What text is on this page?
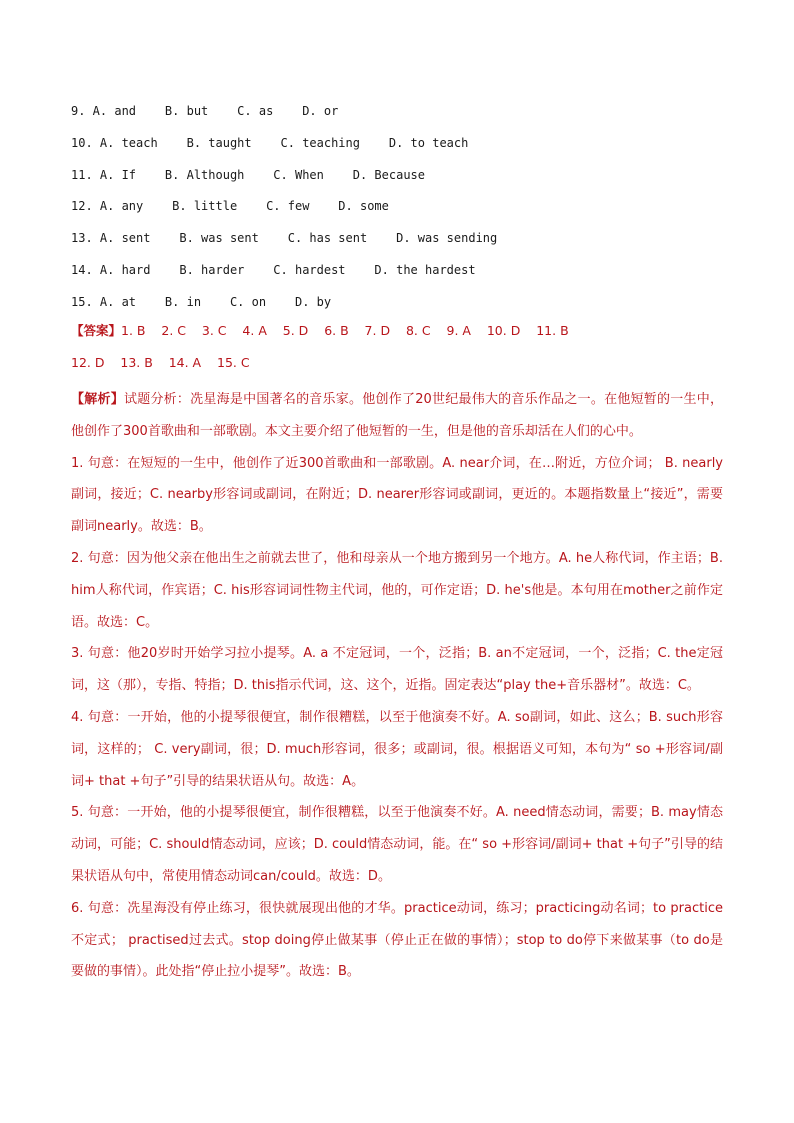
9. A. and    B. but    C. as    D. or
10. A. teach    B. taught    C. teaching    D. to teach
11. A. If    B. Although    C. When    D. Because
12. A. any    B. little    C. few    D. some
13. A. sent    B. was sent    C. has sent    D. was sending
14. A. hard    B. harder    C. hardest    D. the hardest
15. A. at    B. in    C. on    D. by
【答案】1. B    2. C    3. C    4. A    5. D    6. B    7. D    8. C    9. A    10. D    11. B
12. D    13. B    14. A    15. C

【解析】试题分析：冼星海是中国著名的音乐家。他创作了20世纪最伟大的音乐作品之一。在他短暂的一生中，他创作了300首歌曲和一部歌剧。本文主要介绍了他短暂的一生，但是他的音乐却活在人们的心中。

1. 句意：在短短的一生中，他创作了近300首歌曲和一部歌剧。A. near介词，在…附近，方位介词； B. nearly副词，接近；C. nearby形容词或副词，在附近；D. nearer形容词或副词，更近的。本题指数量上“接近”，需要副词nearly。故选：B。

2. 句意：因为他父亲在他出生之前就去世了，他和母亲从一个地方搬到另一个地方。A. he人称代词，作主语；B. him人称代词，作宾语；C. his形容词词性物主代词，他的，可作定语；D. he's他是。本句用在mother之前作定语。故选：C。

3. 句意：他20岁时开始学习拉小提琴。A. a 不定冠词，一个，泛指；B. an不定冠词，一个，泛指；C. the定冠词，这（那），专指、特指；D. this指示代词，这、这个，近指。固定表达“play the+音乐器材”。故选：C。

4. 句意：一开始，他的小提琴很便宜，制作很糟糕，以至于他演奏不好。A. so副词，如此、这么；B. such形容词，这样的； C. very副词，很；D. much形容词，很多；或副词，很。根据语义可知，本句为“ so +形容词/副词+ that +句子”引导的结果状语从句。故选：A。

5. 句意：一开始，他的小提琴很便宜，制作很糟糕，以至于他演奏不好。A. need情态动词，需要；B. may情态动词，可能；C. should情态动词，应该；D. could情态动词，能。在“ so +形容词/副词+ that +句子”引导的结果状语从句中，常使用情态动词can/could。故选：D。

6. 句意：冼星海没有停止练习，很快就展现出他的才华。practice动词，练习；practicing动名词；to practice不定式； practised过去式。stop doing停止做某事（停止正在做的事情）；stop to do停下来做某事（to do是要做的事情）。此处指“停止拉小提琴”。故选：B。
